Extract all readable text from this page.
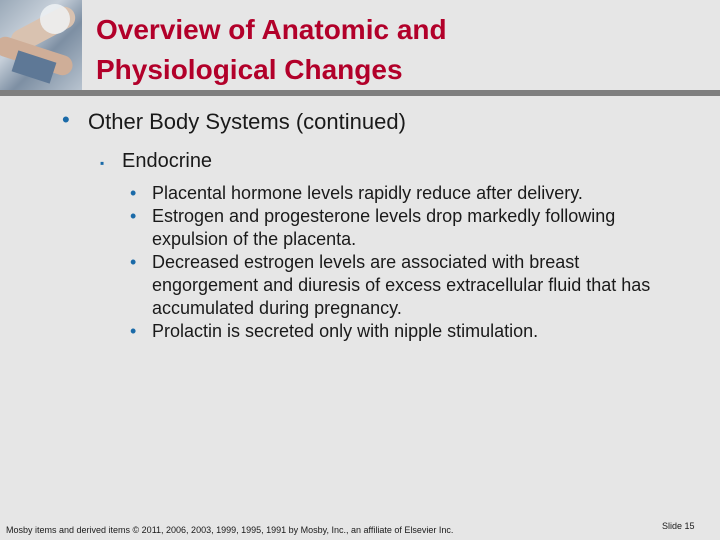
Overview of Anatomic and
Physiological Changes
• Other Body Systems (continued)
▪ Endocrine
• Placental hormone levels rapidly reduce after delivery.
• Estrogen and progesterone levels drop markedly following expulsion of the placenta.
• Decreased estrogen levels are associated with breast engorgement and diuresis of excess extracellular fluid that has accumulated during pregnancy.
• Prolactin is secreted only with nipple stimulation.
Mosby items and derived items © 2011, 2006, 2003, 1999, 1995, 1991 by Mosby, Inc., an affiliate of Elsevier Inc.	Slide 15
